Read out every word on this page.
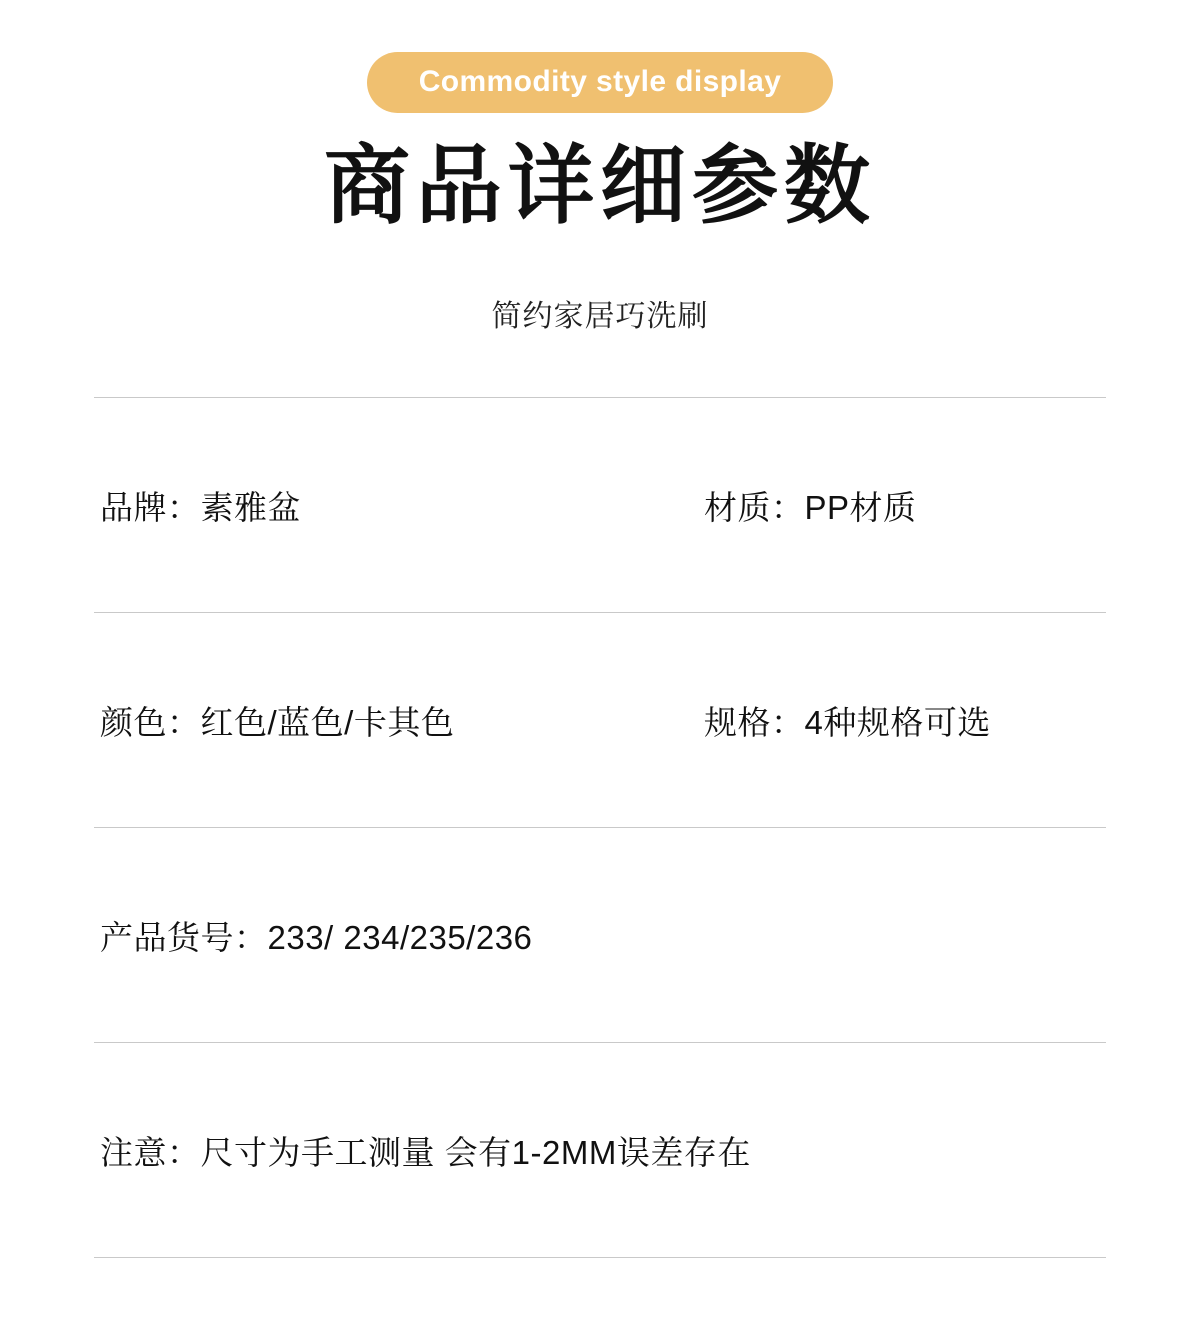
Commodity style display
商品详细参数
简约家居巧洗刷
品牌：素雅盆	材质：PP材质
颜色：红色/蓝色/卡其色	规格：4种规格可选
产品货号：233/ 234/235/236
注意：尺寸为手工测量 会有1-2MM误差存在
